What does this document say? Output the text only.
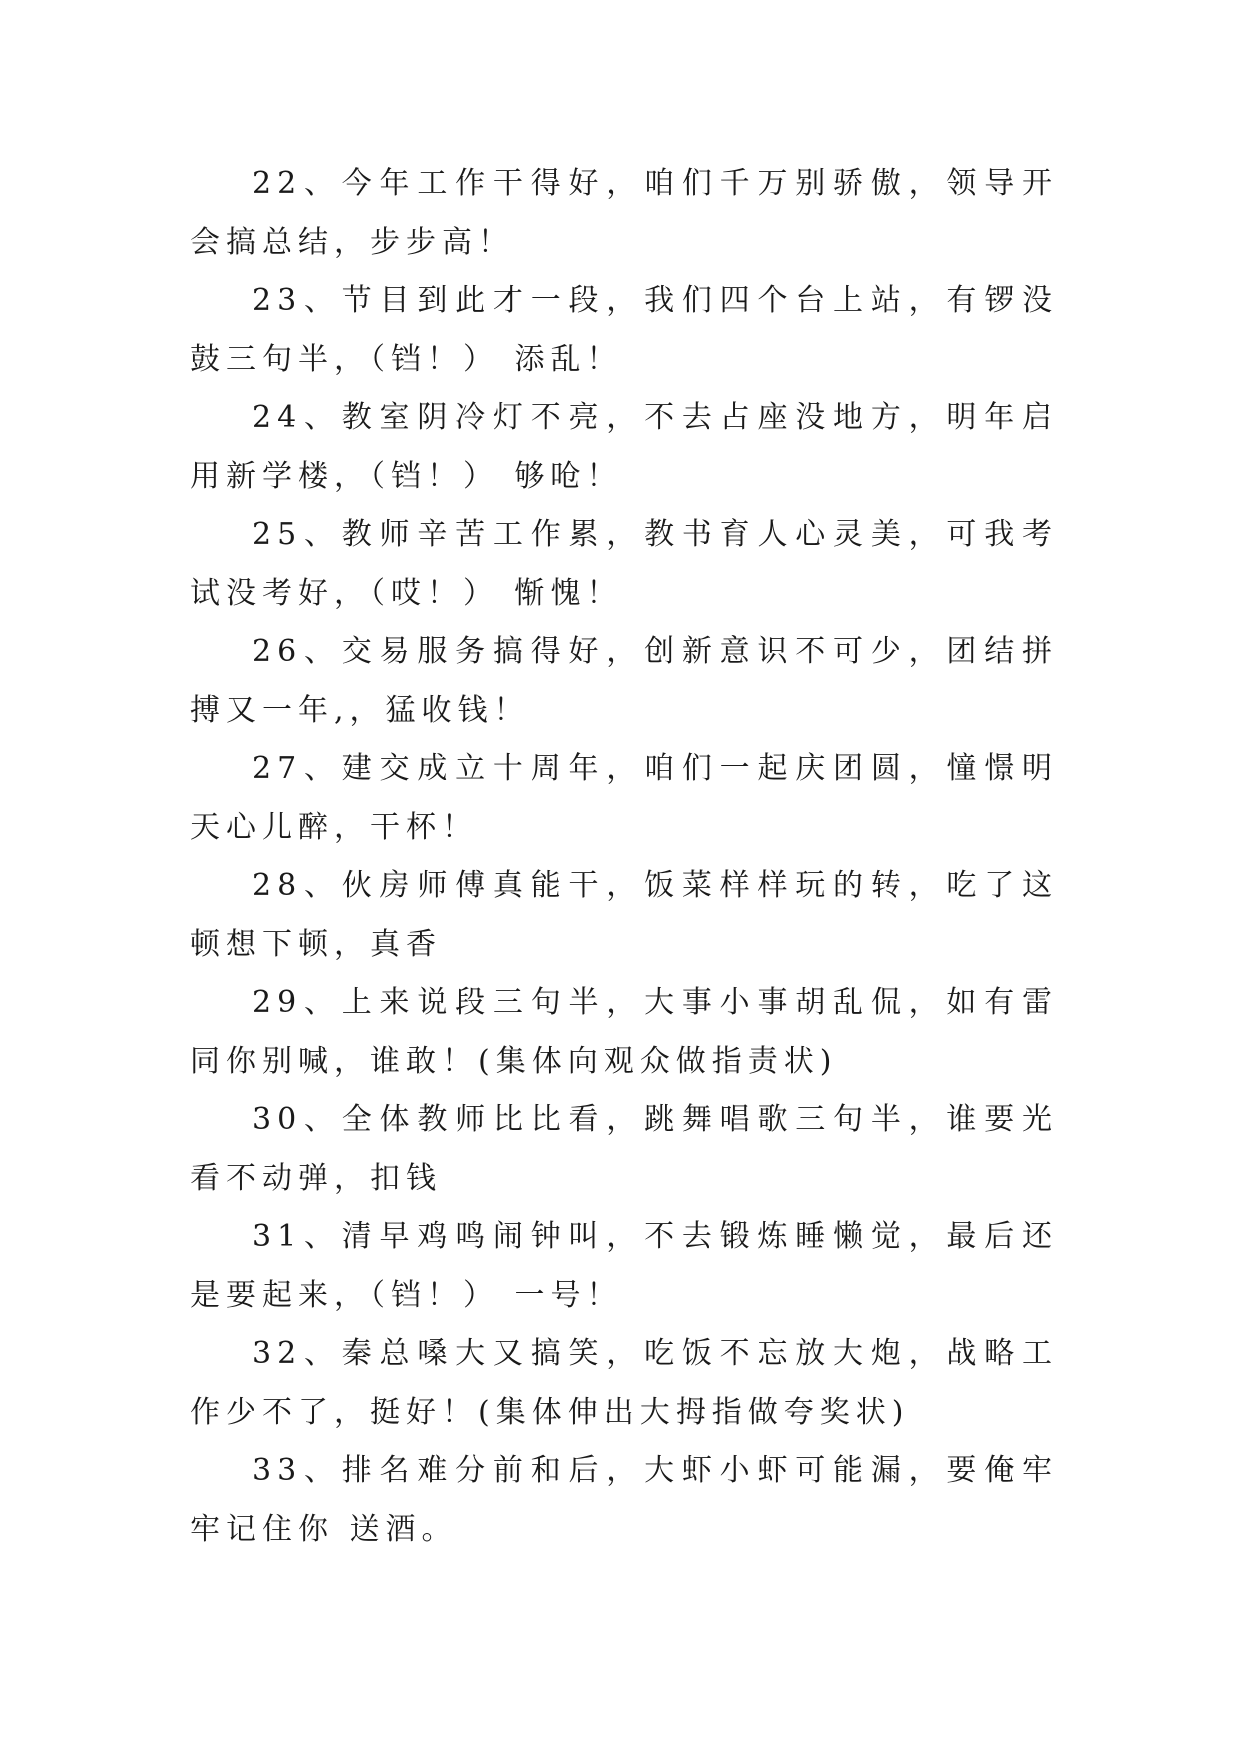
22、今年工作干得好，咱们千万别骄傲，领导开会搞总结，步步高！

23、节目到此才一段，我们四个台上站，有锣没鼓三句半，（铛！） 添乱！

24、教室阴冷灯不亮，不去占座没地方，明年启用新学楼，（铛！） 够呛！

25、教师辛苦工作累，教书育人心灵美，可我考试没考好，（哎！） 惭愧！

26、交易服务搞得好，创新意识不可少，团结拼搏又一年,，猛收钱！

27、建交成立十周年，咱们一起庆团圆，憧憬明天心儿醉，干杯！

28、伙房师傅真能干，饭菜样样玩的转，吃了这顿想下顿，真香

29、上来说段三句半，大事小事胡乱侃，如有雷同你别喊，谁敢！(集体向观众做指责状)

30、全体教师比比看，跳舞唱歌三句半，谁要光看不动弹，扣钱

31、清早鸡鸣闹钟叫，不去锻炼睡懒觉，最后还是要起来，（铛！） 一号！

32、秦总嗓大又搞笑，吃饭不忘放大炮，战略工作少不了，挺好！(集体伸出大拇指做夸奖状)

33、排名难分前和后，大虾小虾可能漏，要俺牢牢记住你 送酒。
